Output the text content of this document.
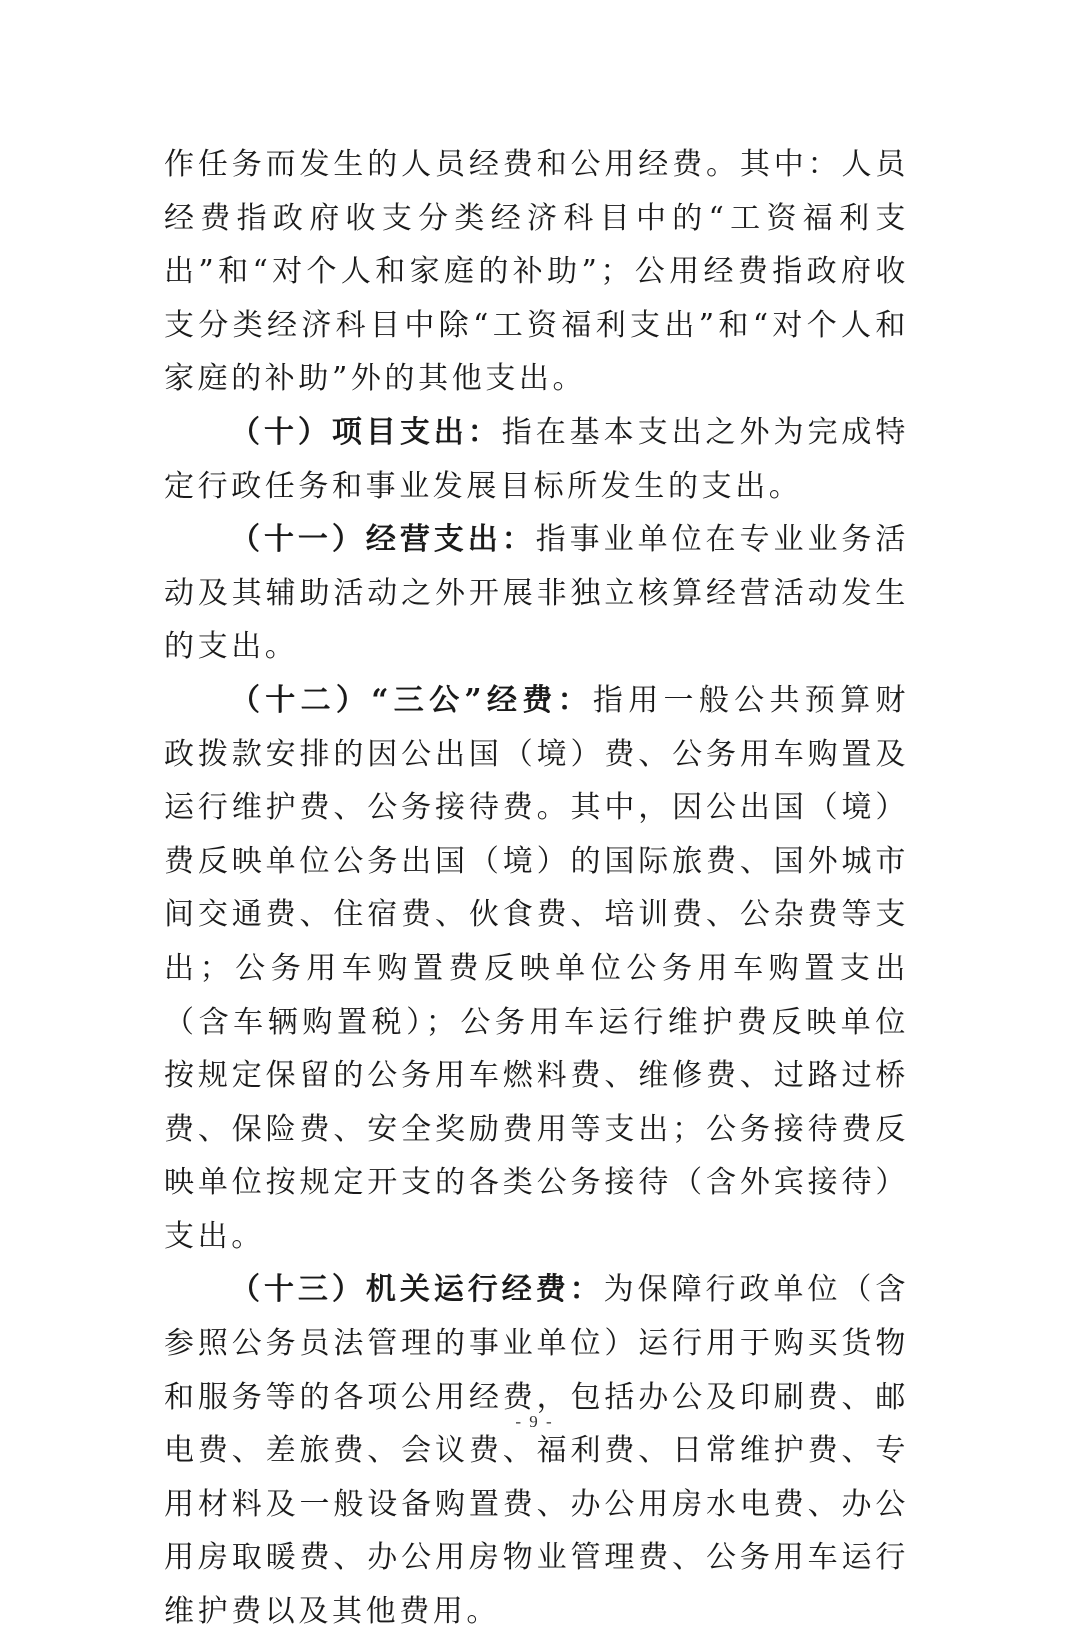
作任务而发生的人员经费和公用经费。其中：人员经费指政府收支分类经济科目中的“工资福利支出”和“对个人和家庭的补助”；公用经费指政府收支分类经济科目中除“工资福利支出”和“对个人和家庭的补助”外的其他支出。

（十）项目支出：指在基本支出之外为完成特定行政任务和事业发展目标所发生的支出。

（十一）经营支出：指事业单位在专业业务活动及其辅助活动之外开展非独立核算经营活动发生的支出。

（十二）“三公”经费：指用一般公共预算财政拨款安排的因公出国（境）费、公务用车购置及运行维护费、公务接待费。其中，因公出国（境）费反映单位公务出国（境）的国际旅费、国外城市间交通费、住宿费、伙食费、培训费、公杂费等支出；公务用车购置费反映单位公务用车购置支出（含车辆购置税）；公务用车运行维护费反映单位按规定保留的公务用车燃料费、维修费、过路过桥费、保险费、安全奖励费用等支出；公务接待费反映单位按规定开支的各类公务接待（含外宾接待）支出。

（十三）机关运行经费：为保障行政单位（含参照公务员法管理的事业单位）运行用于购买货物和服务等的各项公用经费，包括办公及印刷费、邮电费、差旅费、会议费、福利费、日常维护费、专用材料及一般设备购置费、办公用房水电费、办公用房取暖费、办公用房物业管理费、公务用车运行维护费以及其他费用。

- 9 -
